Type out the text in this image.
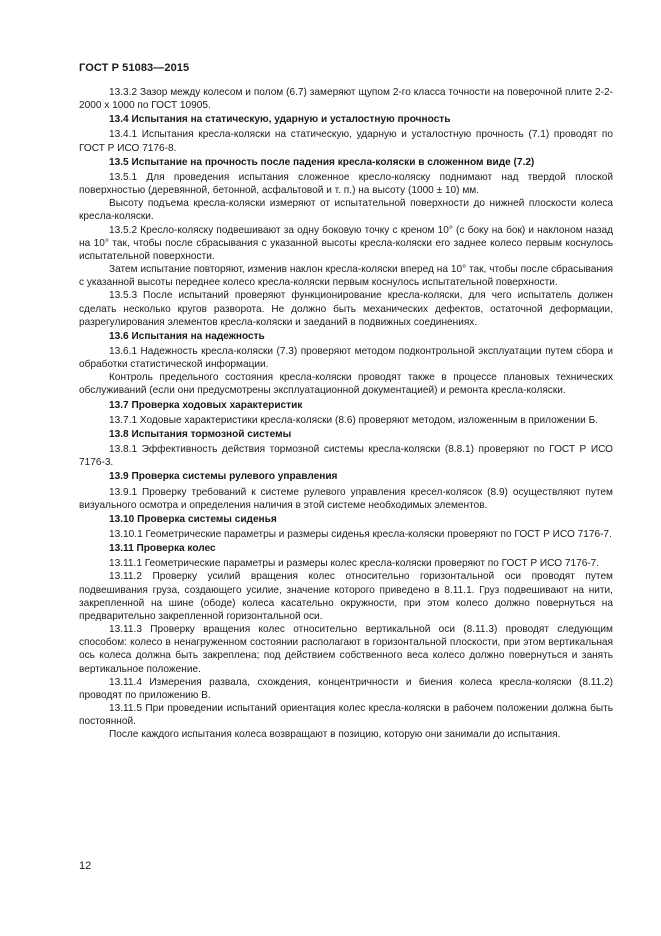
ГОСТ Р 51083—2015

13.3.2 Зазор между колесом и полом (6.7) замеряют щупом 2-го класса точности на поверочной плите 2-2-2000 х 1000 по ГОСТ 10905.

13.4 Испытания на статическую, ударную и усталостную прочность

13.4.1 Испытания кресла-коляски на статическую, ударную и усталостную прочность (7.1) проводят по ГОСТ Р ИСО 7176-8.

13.5 Испытание на прочность после падения кресла-коляски в сложенном виде (7.2)

13.5.1 Для проведения испытания сложенное кресло-коляску поднимают над твердой плоской поверхностью (деревянной, бетонной, асфальтовой и т. п.) на высоту (1000 ± 10) мм.

Высоту подъема кресла-коляски измеряют от испытательной поверхности до нижней плоскости колеса кресла-коляски.

13.5.2 Кресло-коляску подвешивают за одну боковую точку с креном 10° (с боку на бок) и наклоном назад на 10° так, чтобы после сбрасывания с указанной высоты кресла-коляски его заднее колесо первым коснулось испытательной поверхности.

Затем испытание повторяют, изменив наклон кресла-коляски вперед на 10° так, чтобы после сбрасывания с указанной высоты переднее колесо кресла-коляски первым коснулось испытательной поверхности.

13.5.3 После испытаний проверяют функционирование кресла-коляски, для чего испытатель должен сделать несколько кругов разворота. Не должно быть механических дефектов, остаточной деформации, разрегулирования элементов кресла-коляски и заеданий в подвижных соединениях.

13.6 Испытания на надежность

13.6.1 Надежность кресла-коляски (7.3) проверяют методом подконтрольной эксплуатации путем сбора и обработки статистической информации.

Контроль предельного состояния кресла-коляски проводят также в процессе плановых технических обслуживаний (если они предусмотрены эксплуатационной документацией) и ремонта кресла-коляски.

13.7 Проверка ходовых характеристик

13.7.1 Ходовые характеристики кресла-коляски (8.6) проверяют методом, изложенным в приложении Б.

13.8 Испытания тормозной системы

13.8.1 Эффективность действия тормозной системы кресла-коляски (8.8.1) проверяют по ГОСТ Р ИСО 7176-3.

13.9 Проверка системы рулевого управления

13.9.1 Проверку требований к системе рулевого управления кресел-колясок (8.9) осуществляют путем визуального осмотра и определения наличия в этой системе необходимых элементов.

13.10 Проверка системы сиденья

13.10.1 Геометрические параметры и размеры сиденья кресла-коляски проверяют по ГОСТ Р ИСО 7176-7.

13.11 Проверка колес

13.11.1 Геометрические параметры и размеры колес кресла-коляски проверяют по ГОСТ Р ИСО 7176-7.

13.11.2 Проверку усилий вращения колес относительно горизонтальной оси проводят путем подвешивания груза, создающего усилие, значение которого приведено в 8.11.1. Груз подвешивают на нити, закрепленной на шине (ободе) колеса касательно окружности, при этом колесо должно повернуться на предварительно закрепленной горизонтальной оси.

13.11.3 Проверку вращения колес относительно вертикальной оси (8.11.3) проводят следующим способом: колесо в ненагруженном состоянии располагают в горизонтальной плоскости, при этом вертикальная ось колеса должна быть закреплена; под действием собственного веса колесо должно повернуться и занять вертикальное положение.

13.11.4 Измерения развала, схождения, концентричности и биения колеса кресла-коляски (8.11.2) проводят по приложению В.

13.11.5 При проведении испытаний ориентация колес кресла-коляски в рабочем положении должна быть постоянной.

После каждого испытания колеса возвращают в позицию, которую они занимали до испытания.

12
